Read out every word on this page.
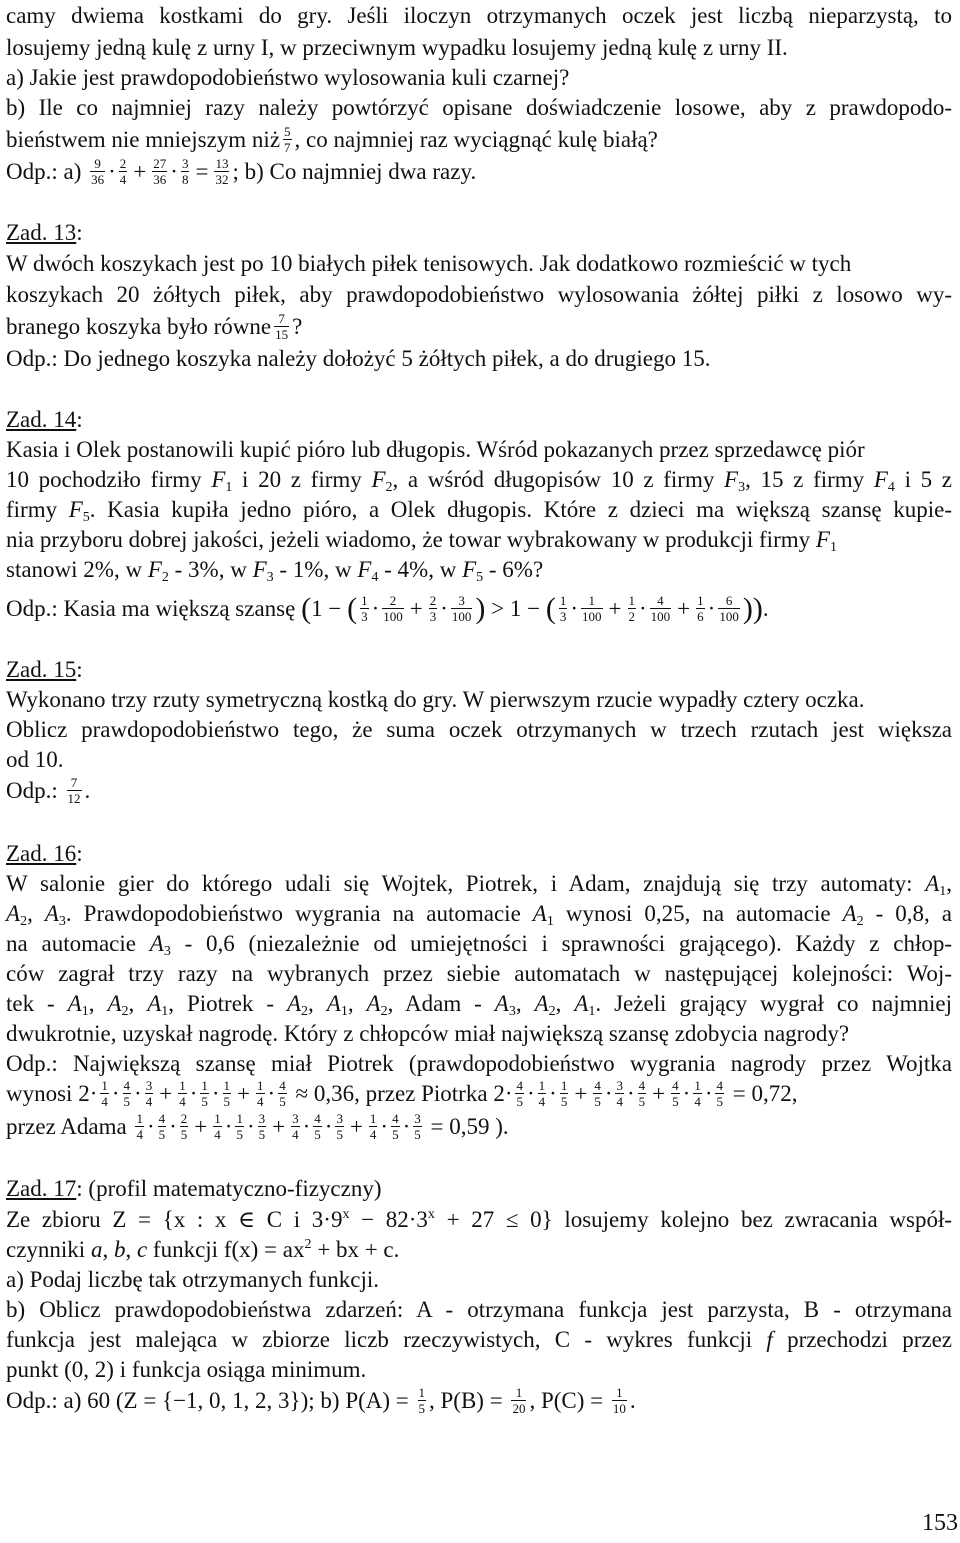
camy dwiema kostkami do gry. Jeśli iloczyn otrzymanych oczek jest liczbą nieparzystą, to
losujemy jedną kulę z urny I, w przeciwnym wypadku losujemy jedną kulę z urny II.
a) Jakie jest prawdopodobieństwo wylosowania kuli czarnej?
b) Ile co najmniej razy należy powtórzyć opisane doświadczenie losowe, aby z prawdopodo-
bieństwem nie mniejszym niż $\frac{5}{7}$ , co najmniej raz wyciągnąć kulę białą?
Odp.: $a) \frac{9}{36} \cdot \frac{2}{4} + \frac{27}{36} \cdot \frac{3}{8} = \frac{13}{32}$ ; b) Co najmniej dwa razy.
Zad. 13:
W dwóch koszykach jest po 10 białych piłek tenisowych. Jak dodatkowo rozmieścić w tych
koszykach 20 żółtych piłek, aby prawdopodobieństwo wylosowania żółtej piłki z losowo wy-
branego koszyka było równe $\frac{7}{15}$ ?
Odp.: Do jednego koszyka należy dołożyć 5 żółtych piłek, a do drugiego 15.
Zad. 14:
Kasia i Olek postanowili kupić pióro lub długopis. Wśród pokazanych przez sprzedawcę piór
10 pochodziło firmy $F_1$ i 20 z firmy $F_2$, a wśród długopisów 10 z firmy $F_3$, 15 z firmy $F_4$ i 5 z
firmy $F_5$. Kasia kupiła jedno pióro, a Olek długopis. Które z dzieci ma większą szansę kupie-
nia przyboru dobrej jakości, jeżeli wiadomo, że towar wybrakowany w produkcji firmy $F_1$
stanowi 2%, w $F_2 - 3\%$, w $F_3 - 1\%$, w $F_4 - 4\%$, w $F_5 - 6\%$?
Odp.: Kasia ma większą szansę (1 − ( $\frac{1}{3} \cdot \frac{2}{100} + \frac{2}{3} \cdot \frac{3}{100}$ ) > 1 − ( $\frac{1}{3} \cdot \frac{1}{100} + \frac{1}{2} \cdot \frac{4}{100} + \frac{1}{6} \cdot \frac{6}{100}$ )).
Zad. 15:
Wykonano trzy rzuty symetryczną kostką do gry. W pierwszym rzucie wypadły cztery oczka.
Oblicz prawdopodobieństwo tego, że suma oczek otrzymanych w trzech rzutach jest większa
od 10.
Odp.: $\frac{7}{12}$ .
Zad. 16:
W salonie gier do którego udali się Wojtek, Piotrek, i Adam, znajdują się trzy automaty: $A_1$,
$A_2$, $A_3$. Prawdopodobieństwo wygrania na automacie $A_1$ wynosi 0,25, na automacie $A_2 - 0,8$, a
na automacie $A_3 - 0,6$ (niezależnie od umiejętności i sprawności grającego). Każdy z chłop-
ców zagrał trzy razy na wybranych przez siebie automatach w następującej kolejności: Woj-
tek - $A_1$, $A_2$, $A_1$, Piotrek - $A_2$, $A_1$, $A_2$, Adam - $A_3$, $A_2$, $A_1$. Jeżeli grający wygrał co najmniej
dwukrotnie, uzyskał nagrodę. Który z chłopców miał największą szansę zdobycia nagrody?
Odp.: Największą szansę miał Piotrek (prawdopodobieństwo wygrania nagrody przez Wojtka
wynosi $2\cdot \frac{1}{4} \cdot \frac{4}{5} \cdot \frac{3}{4} + \frac{1}{4} \cdot \frac{1}{5} \cdot \frac{1}{5} + \frac{1}{4} \cdot \frac{4}{5} \approx 0,36$, przez Piotrka $2\cdot \frac{4}{5} \cdot \frac{1}{4} \cdot \frac{1}{5} + \frac{4}{5} \cdot \frac{3}{4} \cdot \frac{4}{5} + \frac{4}{5} \cdot \frac{1}{4} \cdot \frac{4}{5} = 0,72$,
przez Adama $\frac{1}{4} \cdot \frac{4}{5} \cdot \frac{2}{5} + \frac{1}{4} \cdot \frac{1}{5} \cdot \frac{3}{5} + \frac{3}{4} \cdot \frac{4}{5} \cdot \frac{3}{5} + \frac{1}{4} \cdot \frac{4}{5} \cdot \frac{3}{5} = 0,59$ ).
Zad. 17: (profil matematyczno-fizyczny)
Ze zbioru Z = {x : x ∈ C i $3\cdot 9^x - 82\cdot 3^x + 27 \le 0$} losujemy kolejno bez zwracania współ-
czynniki a, b, c funkcji $f(x) = ax^2$ + bx + c.
a) Podaj liczbę tak otrzymanych funkcji.
b) Oblicz prawdopodobieństwa zdarzeń: A - otrzymana funkcja jest parzysta, B - otrzymana
funkcja jest malejąca w zbiorze liczb rzeczywistych, C - wykres funkcji f przechodzi przez
punkt (0, 2) i funkcja osiąga minimum.
Odp.: a) 60 (Z = {−1, 0, 1, 2, 3}); b) $P(A) = \frac{1}{5}$ , $P(B) = \frac{1}{20}$ , $P(C) = \frac{1}{10}$ .
153
